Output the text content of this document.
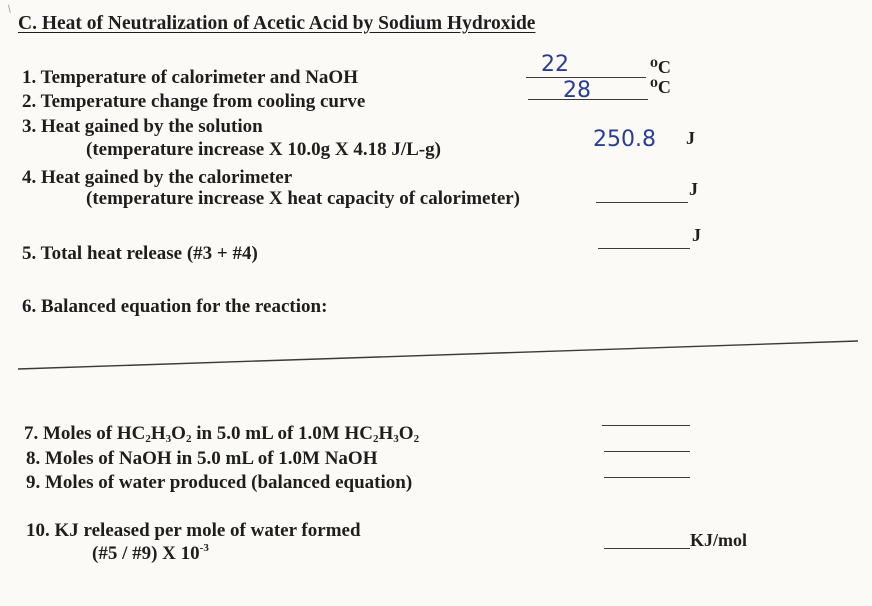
/
C. Heat of Neutralization of Acetic Acid by Sodium Hydroxide
1. Temperature of calorimeter and NaOH
22	⁰C
2. Temperature change from cooling curve	28	⁰C
3. Heat gained by the solution
(temperature increase X 10.0g X 4.18 J/L-g)	250.8 J
4. Heat gained by the calorimeter
(temperature increase X heat capacity of calorimeter)	J
5. Total heat release (#3 + #4)
J
6. Balanced equation for the reaction:
7. Moles of $HC_2H_3O_2$ in 5.0 mL of 1.0M $HC_2H_3O_2$
8. Moles of NaOH in 5.0 mL of 1.0M NaOH
9. Moles of water produced (balanced equation)
10. KJ released per mole of water formed
(#5 / #9) X $10^{-3}$	KJ/mol
